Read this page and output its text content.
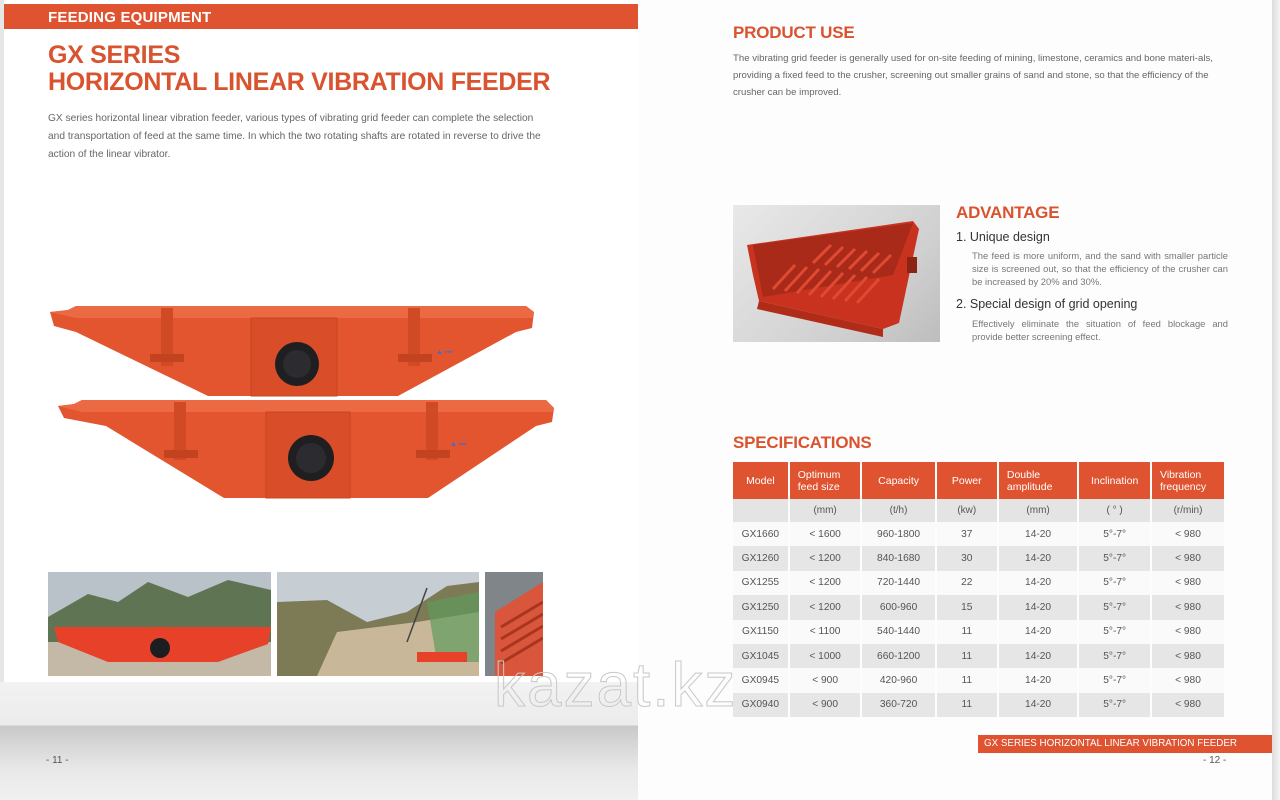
FEEDING EQUIPMENT
GX SERIES
HORIZONTAL LINEAR VIBRATION FEEDER

GX series horizontal linear vibration feeder, various types of vibrating grid feeder can complete the selection and transportation of feed at the same time. In which the two rotating shafts are rotated in reverse to drive the action of the linear vibrator.

▲ ▪▪▪
▲ ▪▪▪
- 11 -
PRODUCT USE

The vibrating grid feeder is generally used for on-site feeding of mining, limestone, ceramics and bone materi-als, providing a fixed feed to the crusher, screening out smaller grains of sand and stone, so that the efficiency of the crusher can be improved.

ADVANTAGE
1. Unique design

The feed is more uniform, and the sand with smaller particle size is screened out, so that the efficiency of the crusher can be increased by 20% and 30%.

2. Special design of grid opening

Effectively eliminate the situation of feed blockage and provide better screening effect.

SPECIFICATIONS
Model	Optimum feed size	Capacity	Power	Double amplitude	Inclination	Vibration frequency
	(mm)	(t/h)	(kw)	(mm)	( ° )	(r/min)
GX1660	< 1600	960-1800	37	14-20	5°-7°	< 980
GX1260	< 1200	840-1680	30	14-20	5°-7°	< 980
GX1255	< 1200	720-1440	22	14-20	5°-7°	< 980
GX1250	< 1200	600-960	15	14-20	5°-7°	< 980
GX1150	< 1100	540-1440	11	14-20	5°-7°	< 980
GX1045	< 1000	660-1200	11	14-20	5°-7°	< 980
GX0945	< 900	420-960	11	14-20	5°-7°	< 980
GX0940	< 900	360-720	11	14-20	5°-7°	< 980
GX SERIES HORIZONTAL LINEAR VIBRATION FEEDER
- 12 -
